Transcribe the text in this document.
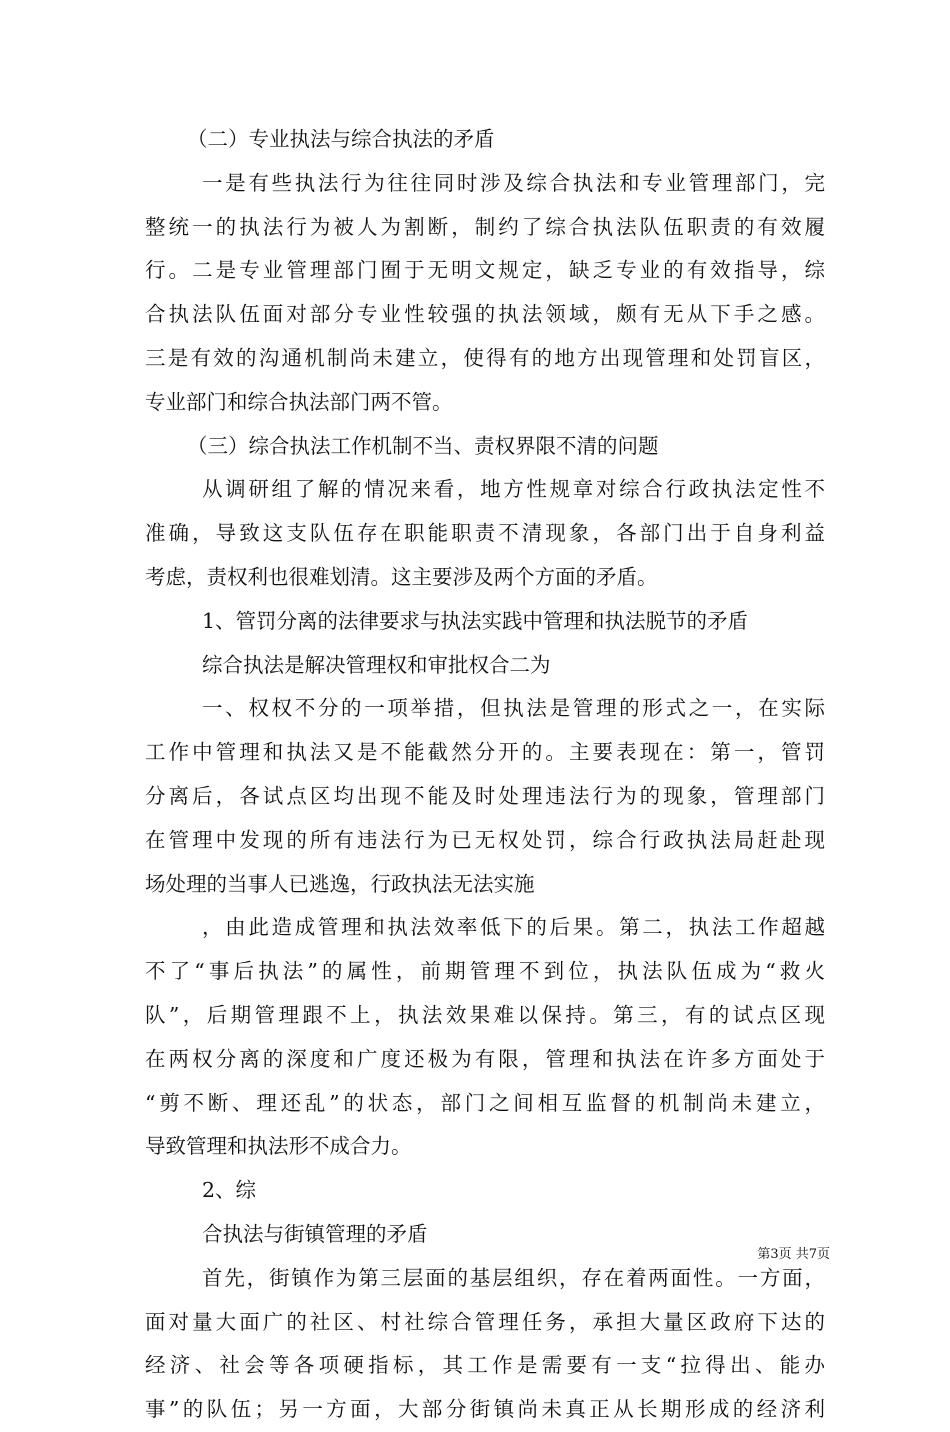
（二）专业执法与综合执法的矛盾
一是有些执法行为往往同时涉及综合执法和专业管理部门，完
整统一的执法行为被人为割断，制约了综合执法队伍职责的有效履
行。二是专业管理部门囿于无明文规定，缺乏专业的有效指导，综
合执法队伍面对部分专业性较强的执法领域，颇有无从下手之感。
三是有效的沟通机制尚未建立，使得有的地方出现管理和处罚盲区，
专业部门和综合执法部门两不管。
（三）综合执法工作机制不当、责权界限不清的问题
从调研组了解的情况来看，地方性规章对综合行政执法定性不
准确，导致这支队伍存在职能职责不清现象，各部门出于自身利益
考虑，责权利也很难划清。这主要涉及两个方面的矛盾。
1、管罚分离的法律要求与执法实践中管理和执法脱节的矛盾
综合执法是解决管理权和审批权合二为
一、权权不分的一项举措，但执法是管理的形式之一，在实际
工作中管理和执法又是不能截然分开的。主要表现在：第一，管罚
分离后，各试点区均出现不能及时处理违法行为的现象，管理部门
在管理中发现的所有违法行为已无权处罚，综合行政执法局赶赴现
场处理的当事人已逃逸，行政执法无法实施
，由此造成管理和执法效率低下的后果。第二，执法工作超越
不了“事后执法”的属性，前期管理不到位，执法队伍成为“救火
队”，后期管理跟不上，执法效果难以保持。第三，有的试点区现
在两权分离的深度和广度还极为有限，管理和执法在许多方面处于
“剪不断、理还乱”的状态，部门之间相互监督的机制尚未建立，
导致管理和执法形不成合力。
2、综
合执法与街镇管理的矛盾
首先，街镇作为第三层面的基层组织，存在着两面性。一方面，
面对量大面广的社区、村社综合管理任务，承担大量区政府下达的
经济、社会等各项硬指标，其工作是需要有一支“拉得出、能办
事”的队伍；另一方面，大部分街镇尚未真正从长期形成的经济利
第3页 共7页
